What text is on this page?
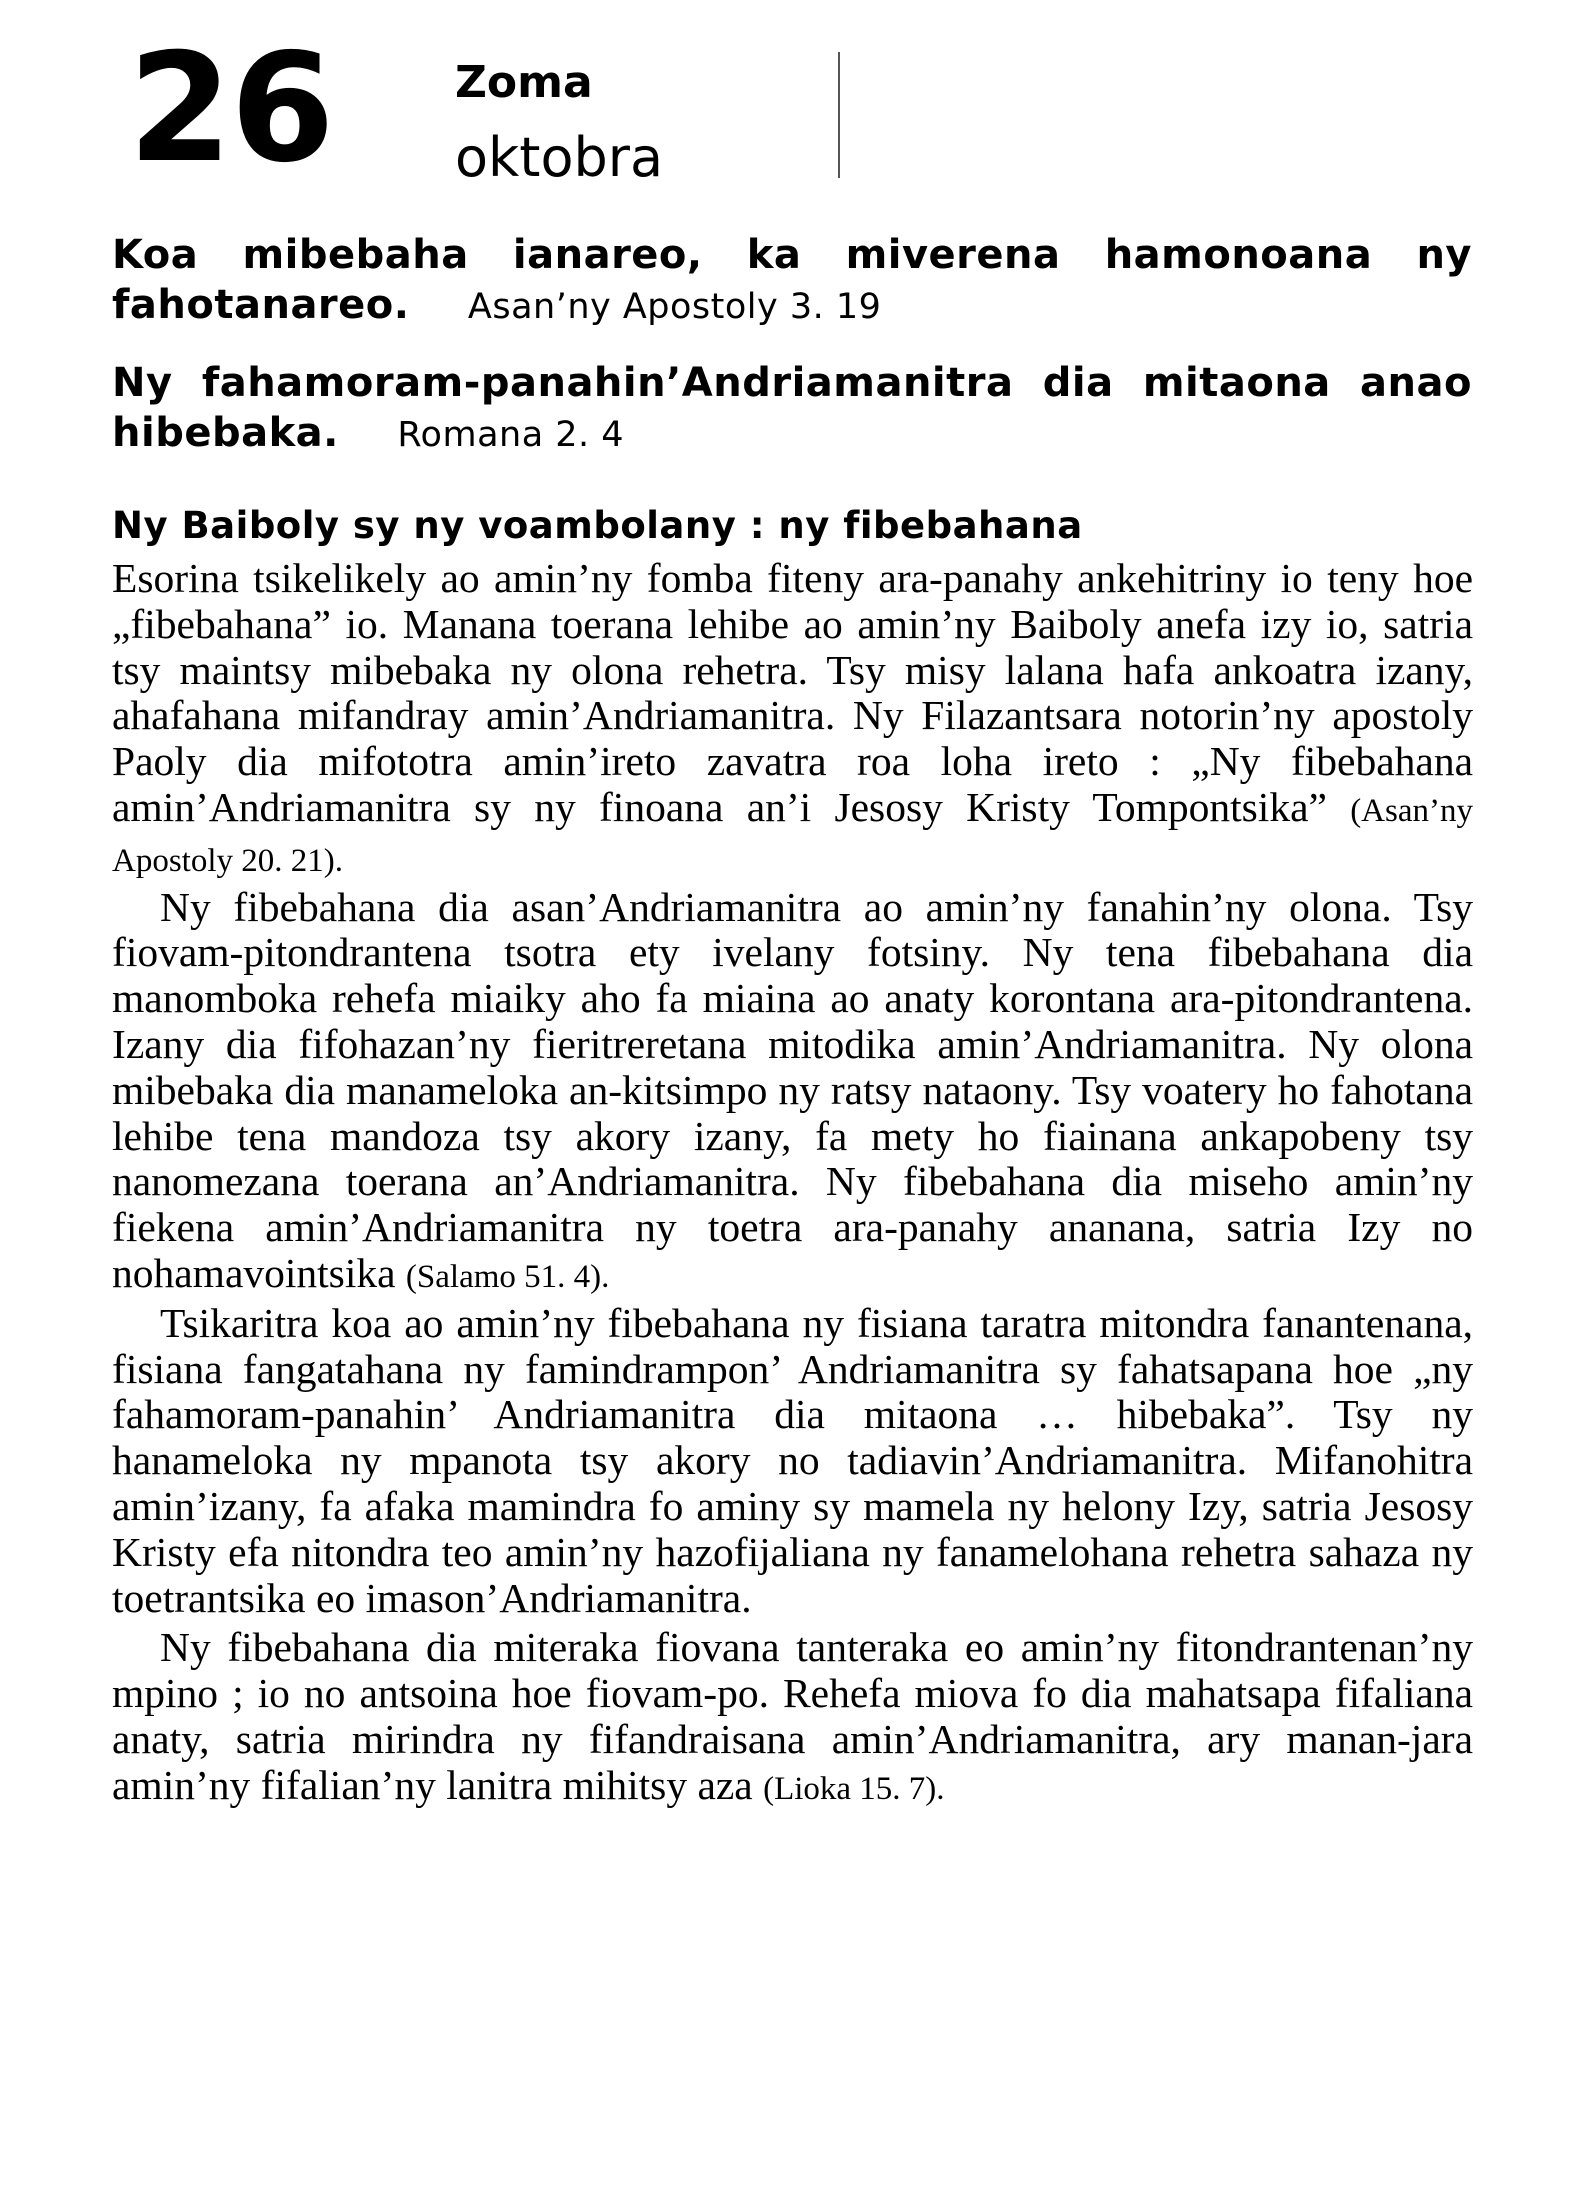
26	Zoma
oktobra
Koa mibebaha ianareo, ka miverena hamonoana ny fahotanareo. Asan’ny Apostoly 3. 19
Ny fahamoram-panahin’Andriamanitra dia mitaona anao hibebaka. Romana 2. 4
Ny Baiboly sy ny voambolany : ny fibebahana

Esorina tsikelikely ao amin’ny fomba fiteny ara-panahy ankehitriny io teny hoe „fibebahana” io. Manana toerana lehibe ao amin’ny Baiboly anefa izy io, satria tsy maintsy mibebaka ny olona rehetra. Tsy misy lalana hafa ankoatra izany, ahafahana mifandray amin’Andriamanitra. Ny Filazantsara notorin’ny apostoly Paoly dia mifototra amin’ireto zavatra roa loha ireto : „Ny fibebahana amin’Andriamanitra sy ny finoana an’i Jesosy Kristy Tompontsika” (Asan’ny Apostoly 20. 21).

Ny fibebahana dia asan’Andriamanitra ao amin’ny fanahin’ny olona. Tsy fiovam-pitondrantena tsotra ety ivelany fotsiny. Ny tena fibebahana dia manomboka rehefa miaiky aho fa miaina ao anaty korontana ara-pitondrantena. Izany dia fifohazan’ny fieritreretana mitodika amin’Andriamanitra. Ny olona mibebaka dia manameloka an-kitsimpo ny ratsy nataony. Tsy voatery ho fahotana lehibe tena mandoza tsy akory izany, fa mety ho fiainana ankapobeny tsy nanomezana toerana an’Andriamanitra. Ny fibebahana dia miseho amin’ny fiekena amin’Andriamanitra ny toetra ara-panahy ananana, satria Izy no nohamavointsika (Salamo 51. 4).

Tsikaritra koa ao amin’ny fibebahana ny fisiana taratra mitondra fanantenana, fisiana fangatahana ny famindrampon’ Andriamanitra sy fahatsapana hoe „ny fahamoram-panahin’ Andriamanitra dia mitaona … hibebaka”. Tsy ny hanameloka ny mpanota tsy akory no tadiavin’Andriamanitra. Mifanohitra amin’izany, fa afaka mamindra fo aminy sy mamela ny helony Izy, satria Jesosy Kristy efa nitondra teo amin’ny hazofijaliana ny fanamelohana rehetra sahaza ny toetrantsika eo imason’Andriamanitra.

Ny fibebahana dia miteraka fiovana tanteraka eo amin’ny fitondrantenan’ny mpino ; io no antsoina hoe fiovam-po. Rehefa miova fo dia mahatsapa fifaliana anaty, satria mirindra ny fifandraisana amin’Andriamanitra, ary manan-jara amin’ny fifalian’ny lanitra mihitsy aza (Lioka 15. 7).
